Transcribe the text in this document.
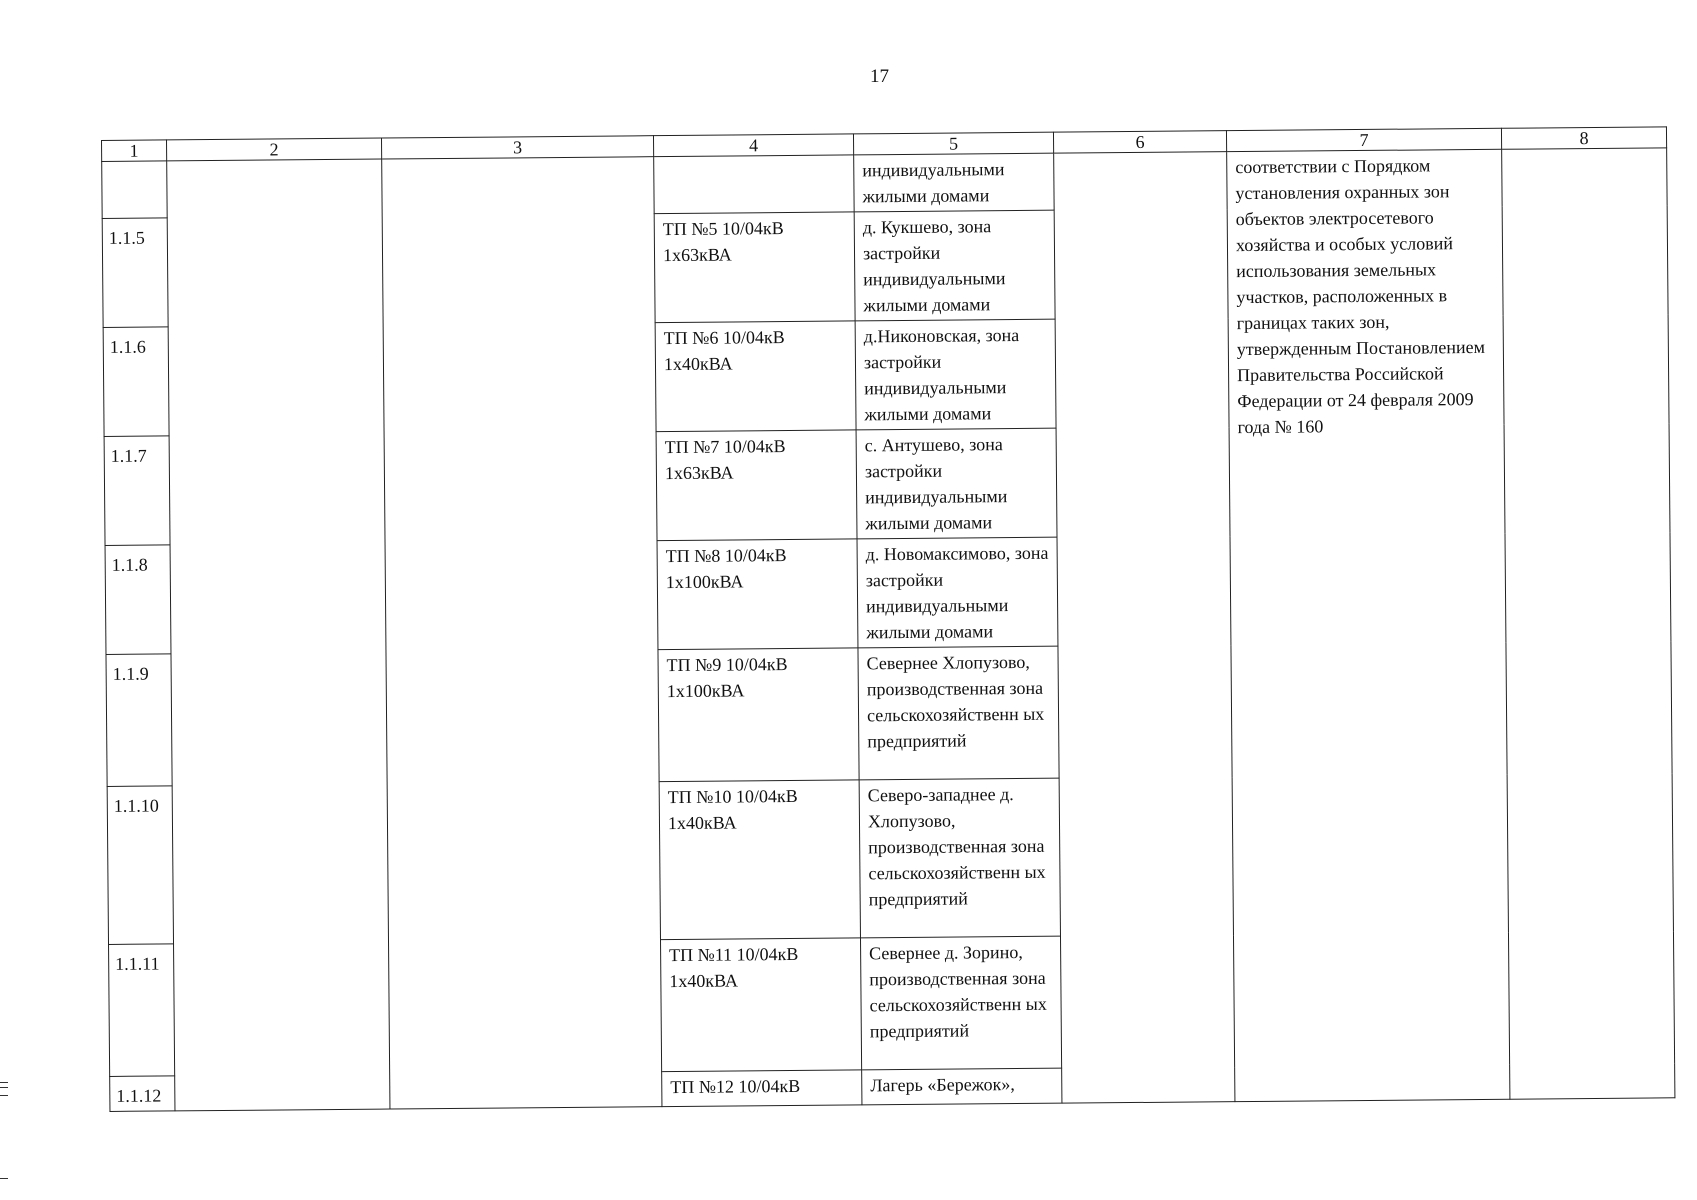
17
1	2	3	4	5	6	7	8
				индивидуальными жилыми домами		соответствии с Порядком установления охранных зон объектов электросетевого хозяйства и особых условий использования земельных участков, расположенных в границах таких зон, утвержденным Постановлением Правительства Российской Федерации от 24 февраля 2009 года № 160	

1.1.5			ТП №5 10/04кВ 1х63кВА	д. Кукшево, зона застройки индивидуальными жилыми домами			
1.1.6			ТП №6 10/04кВ 1х40кВА	д.Никоновская, зона застройки индивидуальными жилыми домами			
1.1.7			ТП №7 10/04кВ 1х63кВА	с. Антушево, зона застройки индивидуальными жилыми домами			
1.1.8			ТП №8 10/04кВ 1х100кВА	д. Новомаксимово, зона застройки индивидуальными жилыми домами			
1.1.9			ТП №9 10/04кВ 1х100кВА	Севернее Хлопузово, производственная зона сельскохозяйственн ых предприятий			
1.1.10			ТП №10 10/04кВ 1х40кВА	Северо-западнее д. Хлопузово, производственная зона сельскохозяйственн ых предприятий			
1.1.11			ТП №11 10/04кВ 1х40кВА	Севернее д. Зорино, производственная зона сельскохозяйственн ых предприятий			
1.1.12			ТП №12 10/04кВ	Лагерь «Бережок»,			
